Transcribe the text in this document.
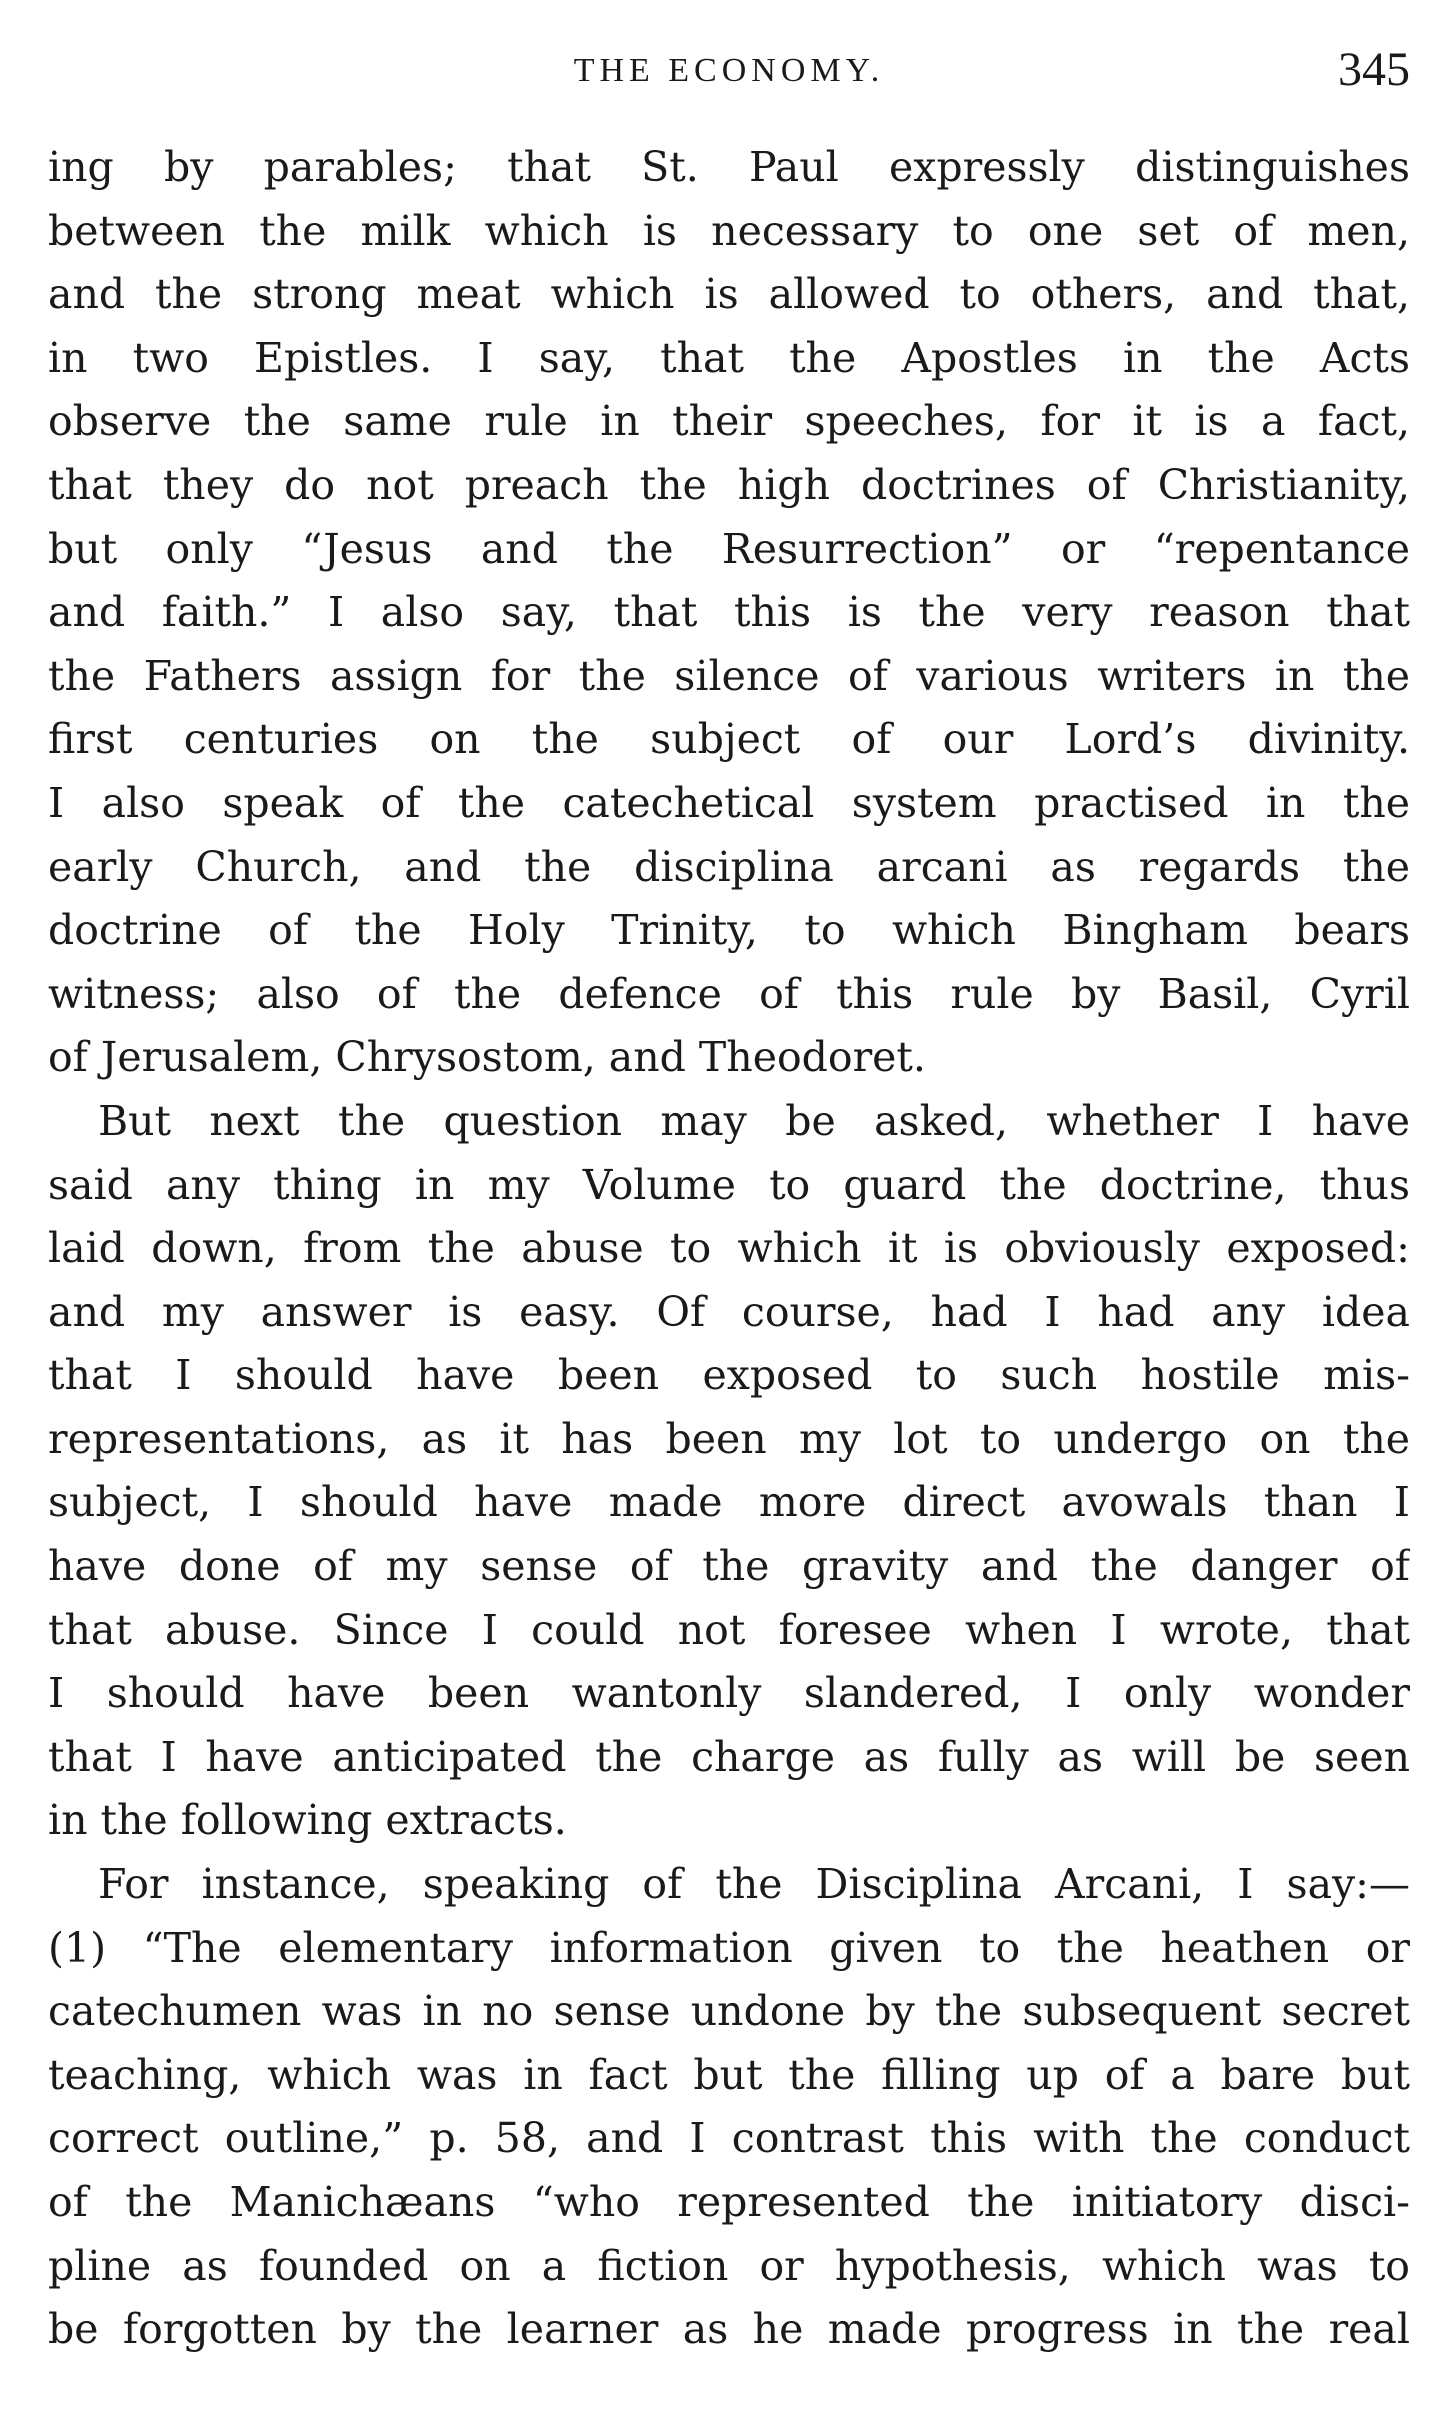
THE ECONOMY.	345
ing by parables; that St. Paul expressly distinguishes
between the milk which is necessary to one set of men,
and the strong meat which is allowed to others, and that,
in two Epistles. I say, that the Apostles in the Acts
observe the same rule in their speeches, for it is a fact,
that they do not preach the high doctrines of Christianity,
but only “Jesus and the Resurrection” or “repentance
and faith.” I also say, that this is the very reason that
the Fathers assign for the silence of various writers in the
first centuries on the subject of our Lord’s divinity.
I also speak of the catechetical system practised in the
early Church, and the disciplina arcani as regards the
doctrine of the Holy Trinity, to which Bingham bears
witness; also of the defence of this rule by Basil, Cyril
of Jerusalem, Chrysostom, and Theodoret.
But next the question may be asked, whether I have
said any thing in my Volume to guard the doctrine, thus
laid down, from the abuse to which it is obviously exposed:
and my answer is easy. Of course, had I had any idea
that I should have been exposed to such hostile mis-
representations, as it has been my lot to undergo on the
subject, I should have made more direct avowals than I
have done of my sense of the gravity and the danger of
that abuse. Since I could not foresee when I wrote, that
I should have been wantonly slandered, I only wonder
that I have anticipated the charge as fully as will be seen
in the following extracts.
For instance, speaking of the Disciplina Arcani, I say:—
(1) “The elementary information given to the heathen or
catechumen was in no sense undone by the subsequent secret
teaching, which was in fact but the filling up of a bare but
correct outline,” p. 58, and I contrast this with the conduct
of the Manichæans “who represented the initiatory disci-
pline as founded on a fiction or hypothesis, which was to
be forgotten by the learner as he made progress in the real
